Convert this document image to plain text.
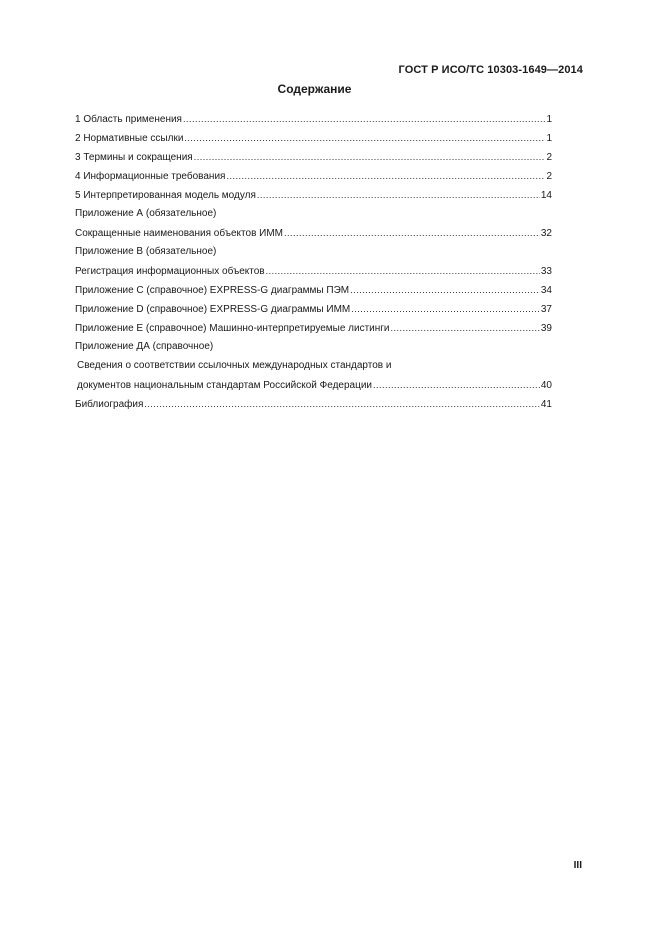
ГОСТ Р ИСО/ТС 10303-1649—2014
Содержание
1 Область применения .....	1
2 Нормативные ссылки .....	1
3 Термины и сокращения .....	2
4 Информационные требования .....	2
5 Интерпретированная модель модуля .....	14
Приложение А (обязательное)
Сокращенные наименования объектов ИММ .....	32
Приложение В (обязательное)
Регистрация информационных объектов .....	33
Приложение С (справочное) EXPRESS-G диаграммы ПЭМ .....	34
Приложение D (справочное) EXPRESS-G диаграммы ИММ .....	37
Приложение Е (справочное) Машинно-интерпретируемые листинги .....	39
Приложение ДА (справочное)
Сведения о соответствии ссылочных международных стандартов и
документов национальным стандартам Российской Федерации .....	40
Библиография .....	41
III
